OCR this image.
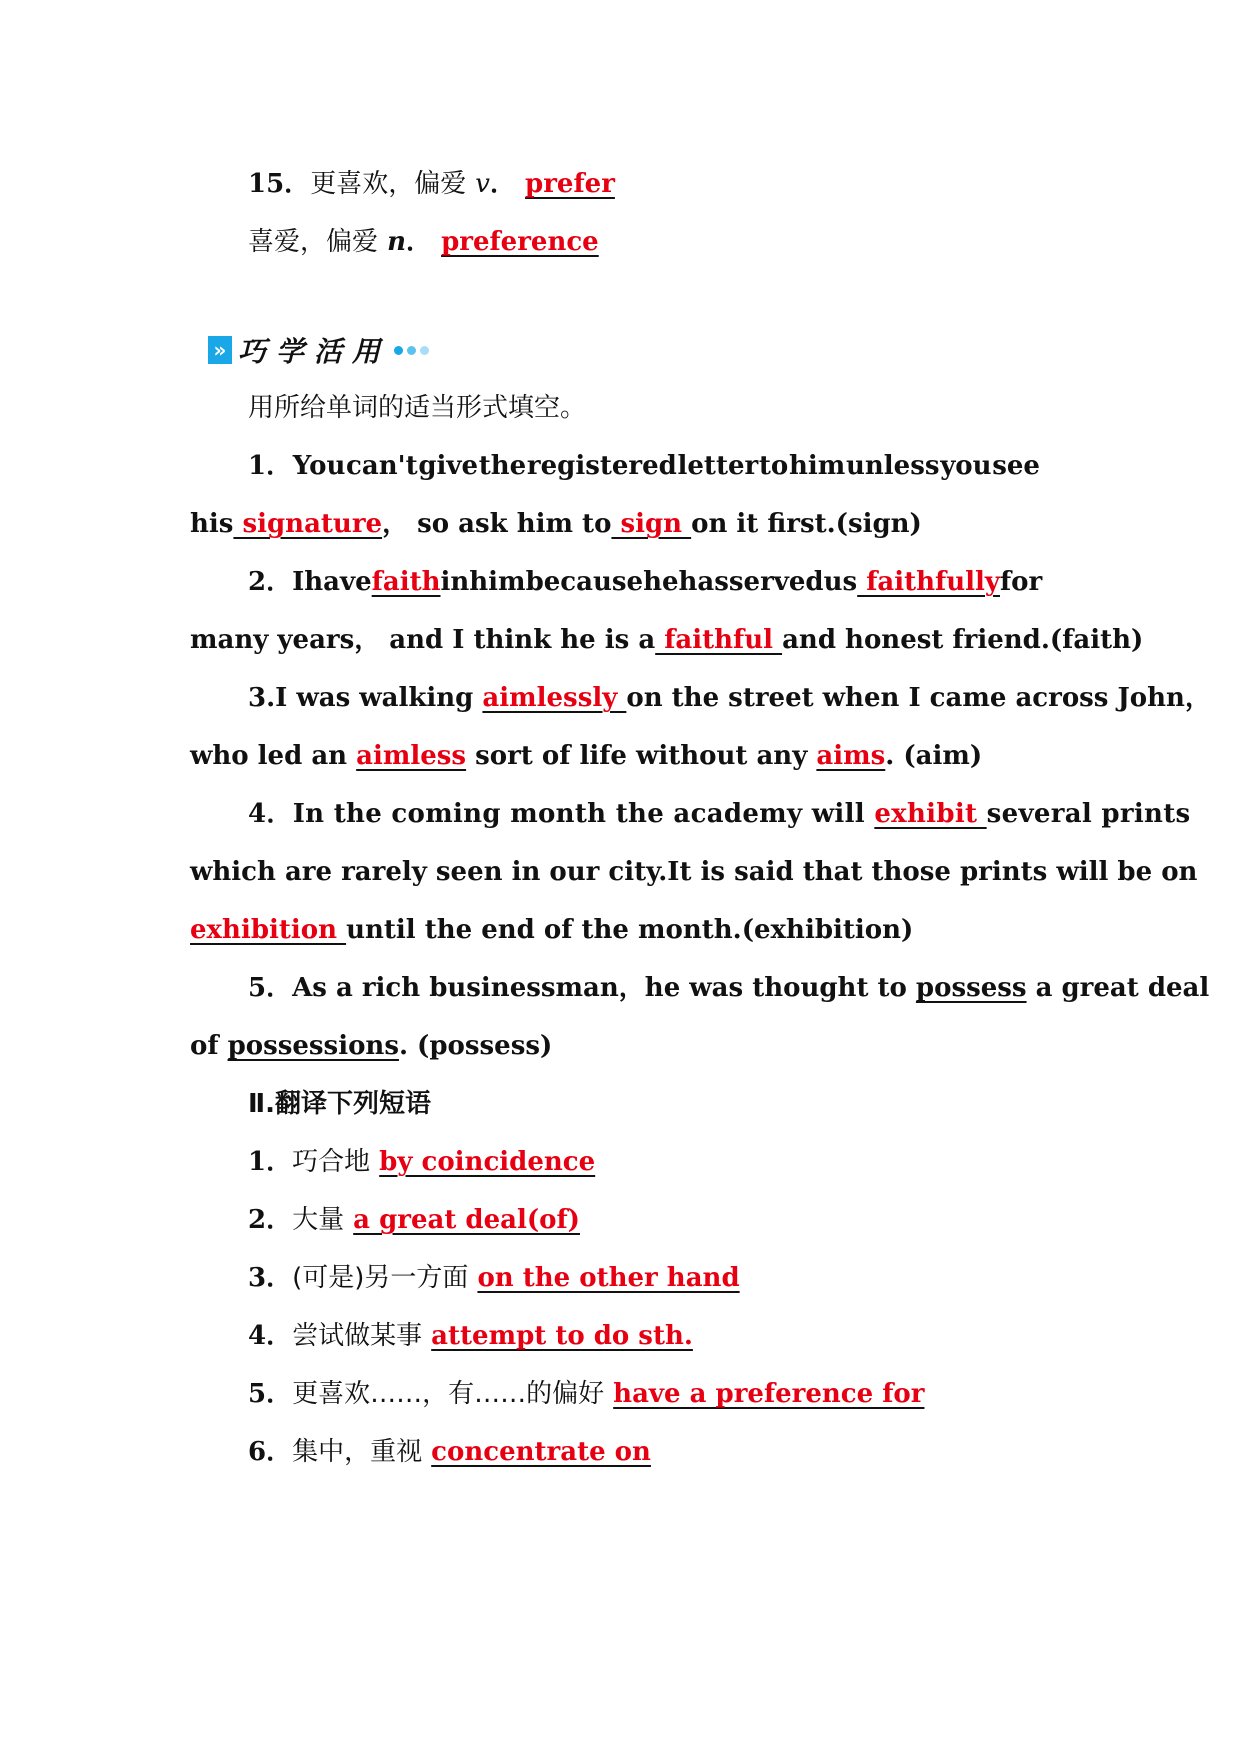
15．更喜欢，偏爱 v． prefer
喜爱，偏爱 n． preference
» 巧学活用
用所给单词的适当形式填空。
1． You can't give the registered letter to him unless you see
his signature， so ask him to sign on it first.(sign)
2． I have faith in him because he has served us faithfully for
many years， and I think he is a faithful and honest friend.(faith)
3.I was walking aimlessly on the street when I came across John，
who led an aimless sort of life without any aims. (aim)
4．In the coming month the academy will exhibit several prints
which are rarely seen in our city.It is said that those prints will be on
exhibition until the end of the month.(exhibition)
5．As a rich businessman，he was thought to possess a great deal
of possessions. (possess)
Ⅱ.翻译下列短语
1．巧合地 by coincidence
2．大量 a great deal(of)
3．(可是)另一方面 on the other hand
4．尝试做某事 attempt to do sth.
5．更喜欢……，有……的偏好 have a preference for
6．集中，重视 concentrate on
